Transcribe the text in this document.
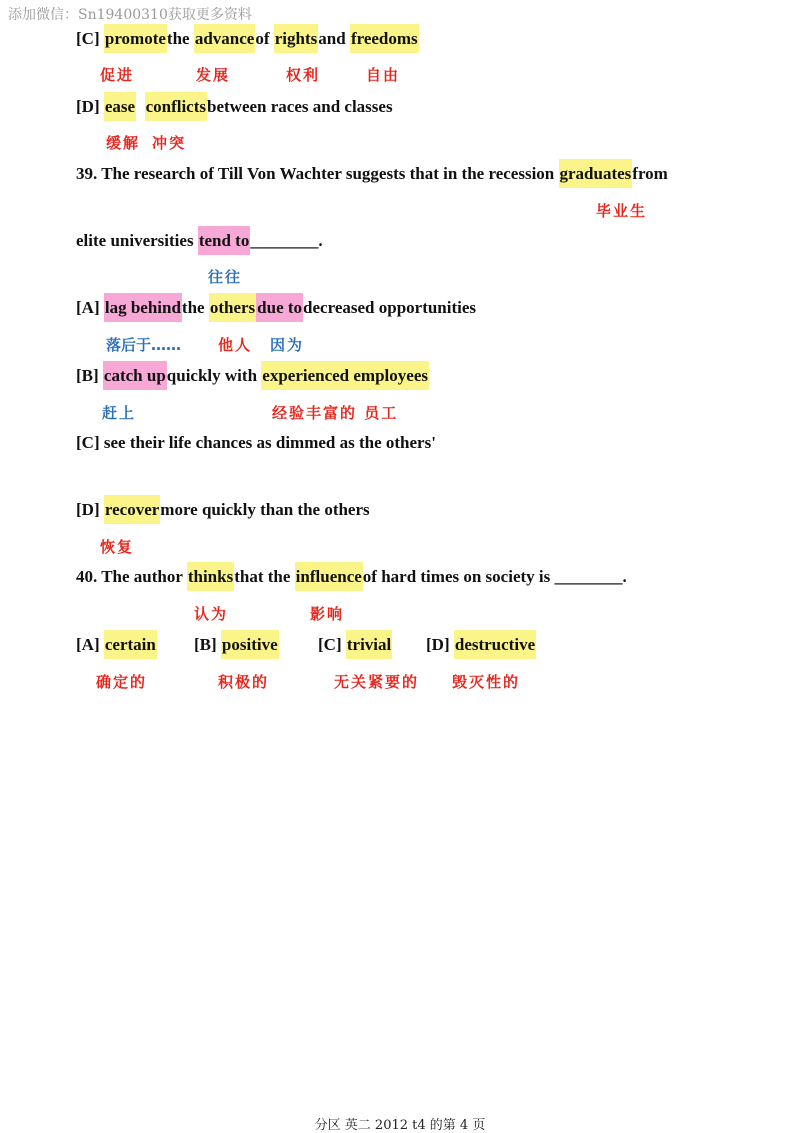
添加微信：Sn19400310获取更多资料
[C] promotethe advanceof rightsand freedoms
促进	发展	权利	自由
[D] ease conflictsbetween races and classes
缓解 冲突
39. The research of Till Von Wachter suggests that in the recession graduatesfrom
毕业生
elite universities tend to________.
往往
[A] lag behindthe others due todecreased opportunities
落后于…… 他人 因为
[B] catch upquickly with experienced employees
赶上	经验丰富的 员工
[C] see their life chances as dimmed as the others'
[D] recovermore quickly than the others
恢复
40. The author thinksthat the influenceof hard times on society is ________.
认为	影响
[A] certain [B] positive [C] trivial [D] destructive
确定的	积极的	无关紧要的 毁灭性的
分区 英二 2012 t4 的第 4 页
